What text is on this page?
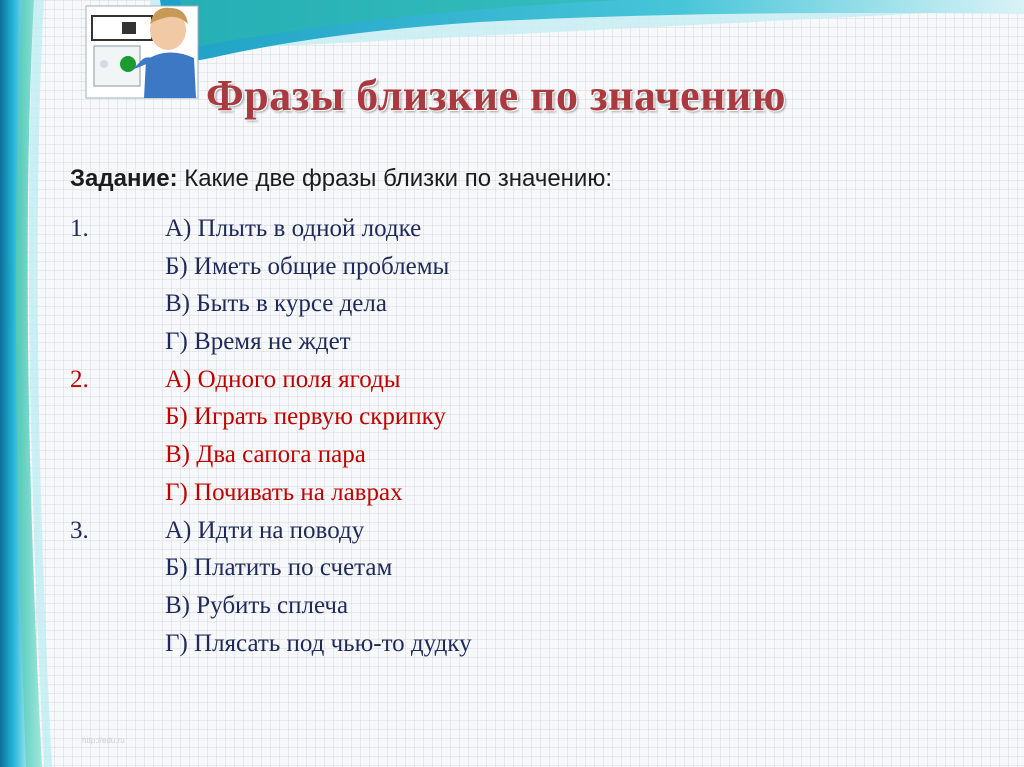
Фразы близкие по значению
Задание: Какие две фразы близки по значению:
1.	А) Плыть в одной лодке
Б) Иметь общие проблемы
В) Быть в курсе дела
Г) Время не ждет
2.	А) Одного поля ягоды
Б) Играть первую скрипку
В) Два сапога пара
Г) Почивать на лаврах
3.	А) Идти на поводу
Б) Платить по счетам
В) Рубить сплеча
Г) Плясать под чью-то дудку
http://edu.ru
